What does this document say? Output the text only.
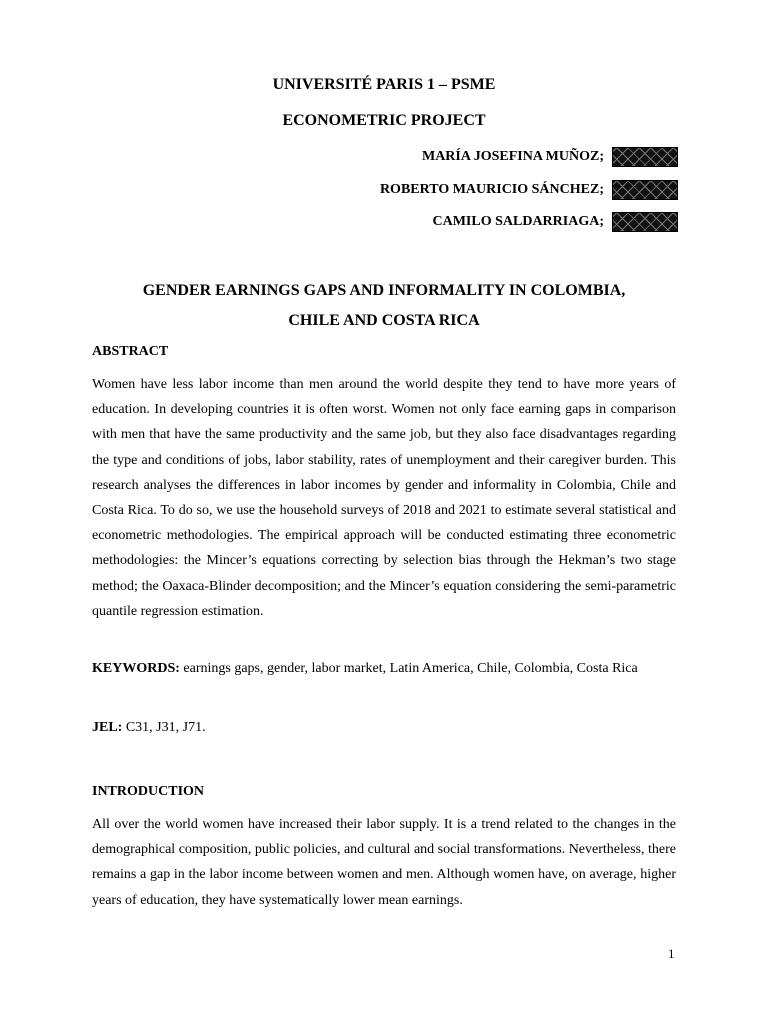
UNIVERSITÉ PARIS 1 – PSME
ECONOMETRIC PROJECT
MARÍA JOSEFINA MUÑOZ;
ROBERTO MAURICIO SÁNCHEZ;
CAMILO SALDARRIAGA;
GENDER EARNINGS GAPS AND INFORMALITY IN COLOMBIA,
CHILE AND COSTA RICA
ABSTRACT

Women have less labor income than men around the world despite they tend to have more years of education. In developing countries it is often worst. Women not only face earning gaps in comparison with men that have the same productivity and the same job, but they also face disadvantages regarding the type and conditions of jobs, labor stability, rates of unemployment and their caregiver burden. This research analyses the differences in labor incomes by gender and informality in Colombia, Chile and Costa Rica. To do so, we use the household surveys of 2018 and 2021 to estimate several statistical and econometric methodologies. The empirical approach will be conducted estimating three econometric methodologies: the Mincer’s equations correcting by selection bias through the Hekman’s two stage method; the Oaxaca-Blinder decomposition; and the Mincer’s equation considering the semi-parametric quantile regression estimation.

KEYWORDS: earnings gaps, gender, labor market, Latin America, Chile, Colombia, Costa Rica

JEL: C31, J31, J71.

INTRODUCTION

All over the world women have increased their labor supply. It is a trend related to the changes in the demographical composition, public policies, and cultural and social transformations. Nevertheless, there remains a gap in the labor income between women and men. Although women have, on average, higher years of education, they have systematically lower mean earnings.

1
